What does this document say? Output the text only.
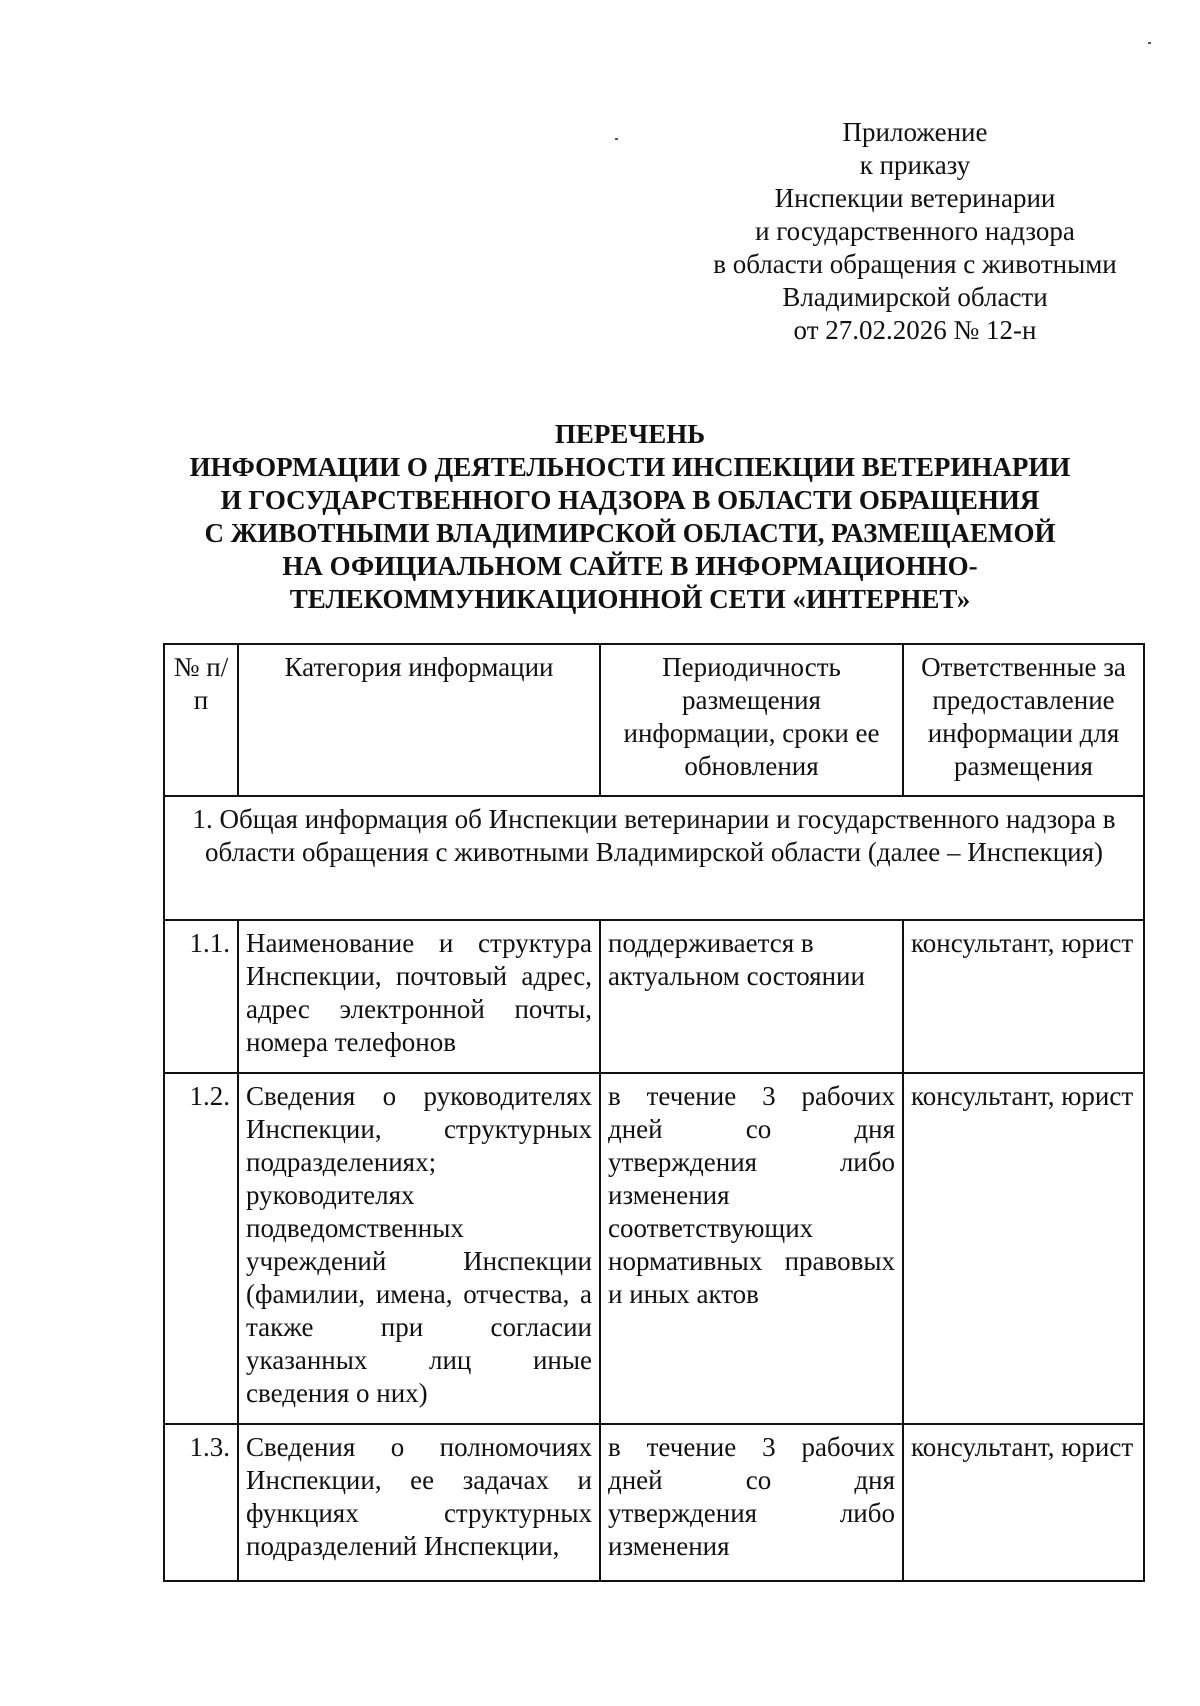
Приложение
к приказу
Инспекции ветеринарии
и государственного надзора
в области обращения с животными
Владимирской области
от 27.02.2026 № 12-н
ПЕРЕЧЕНЬ
ИНФОРМАЦИИ О ДЕЯТЕЛЬНОСТИ ИНСПЕКЦИИ ВЕТЕРИНАРИИ
И ГОСУДАРСТВЕННОГО НАДЗОРА В ОБЛАСТИ ОБРАЩЕНИЯ
С ЖИВОТНЫМИ ВЛАДИМИРСКОЙ ОБЛАСТИ, РАЗМЕЩАЕМОЙ
НА ОФИЦИАЛЬНОМ САЙТЕ В ИНФОРМАЦИОННО-
ТЕЛЕКОММУНИКАЦИОННОЙ СЕТИ «ИНТЕРНЕТ»
№ п/п	Категория информации	Периодичность размещения информации, сроки ее обновления	Ответственные за предоставление информации для размещения
1. Общая информация об Инспекции ветеринарии и государственного надзора в области обращения с животными Владимирской области (далее – Инспекция)			
1.1.	Наименование и структура Инспекции, почтовый адрес, адрес электронной почты, номера телефонов	поддерживается в актуальном состоянии	консультант, юрист
1.2.	Сведения о руководителях Инспекции, структурных подразделениях; руководителях подведомственных учреждений Инспекции (фамилии, имена, отчества, а также при согласии указанных лиц иные сведения о них)	в течение 3 рабочих дней со дня утверждения либо изменения соответствующих нормативных правовых и иных актов	консультант, юрист
1.3.	Сведения о полномочиях Инспекции, ее задачах и функциях структурных подразделений Инспекции,	в течение 3 рабочих дней со дня утверждения либо изменения	консультант, юрист
